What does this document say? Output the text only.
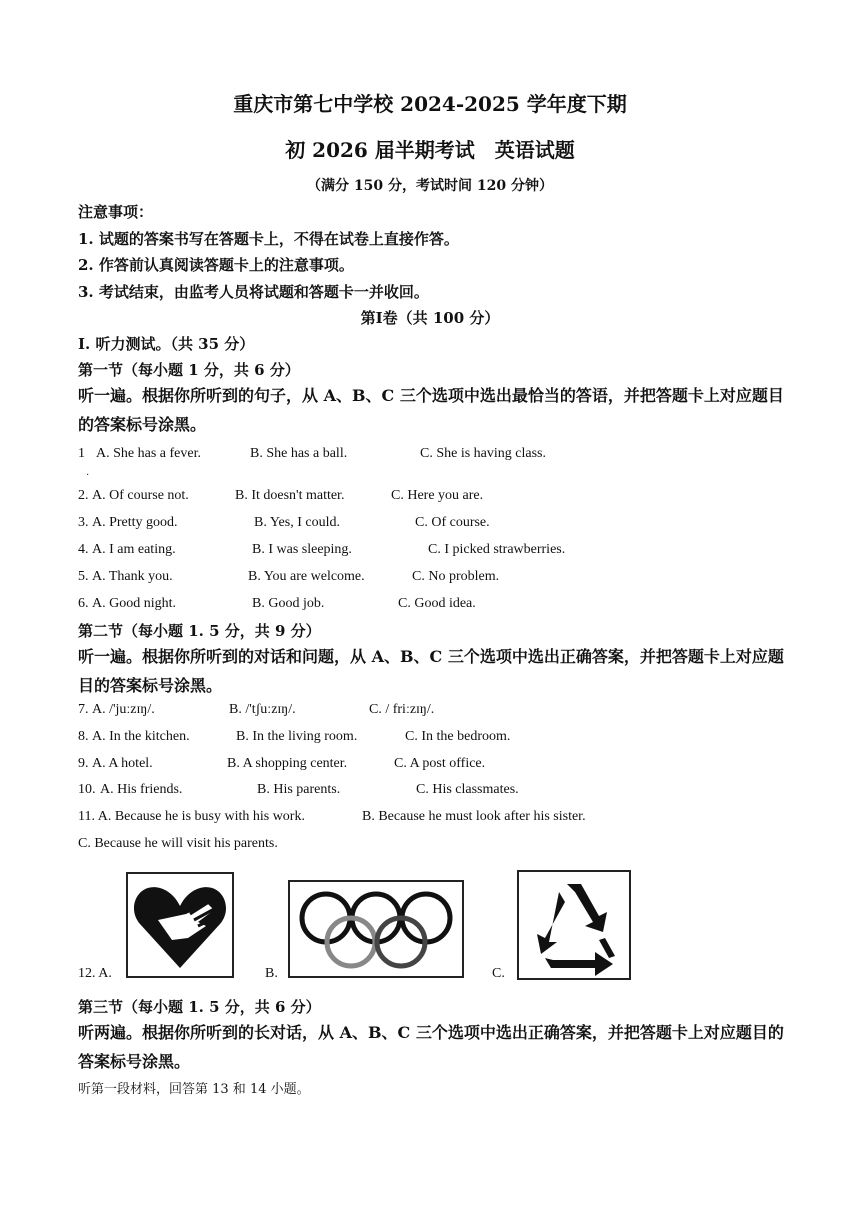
重庆市第七中学校 2024-2025 学年度下期
初 2026 届半期考试　英语试题
（满分 150 分，考试时间 120 分钟）
注意事项：
1. 试题的答案书写在答题卡上，不得在试卷上直接作答。
2. 作答前认真阅读答题卡上的注意事项。
3. 考试结束，由监考人员将试题和答题卡一并收回。
第Ⅰ卷（共 100 分）
Ⅰ. 听力测试。（共 35 分）
第一节（每小题 1 分，共 6 分）
听一遍。根据你所听到的句子，从 A、B、C 三个选项中选出最恰当的答语，并把答题卡上对应题目的答案标号涂黑。
1
·
A. She has a fever.	B. She has a ball.	C. She is having class.
2. A. Of course not.	B. It doesn't matter.	C. Here you are.
3. A. Pretty good.	B. Yes, I could.	C. Of course.
4. A. I am eating.	B. I was sleeping.	C. I picked strawberries.
5. A. Thank you.	B. You are welcome.	C. No problem.
6. A. Good night.	B. Good job.	C. Good idea.
第二节（每小题 1. 5 分，共 9 分）
听一遍。根据你所听到的对话和问题，从 A、B、C 三个选项中选出正确答案，并把答题卡上对应题目的答案标号涂黑。
7. A. /'juːzɪŋ/.	B. /'tʃuːzɪŋ/.	C. / friːzɪŋ/.
8. A. In the kitchen.	B. In the living room.	C. In the bedroom.
9. A. A hotel.	B. A shopping center.	C. A post office.
10. A. His friends.	B. His parents.	C. His classmates.
11. A. Because he is busy with his work.	B. Because he must look after his sister.
C. Because he will visit his parents.
12. A.	B.	C.
第三节（每小题 1. 5 分，共 6 分）
听两遍。根据你所听到的长对话，从 A、B、C 三个选项中选出正确答案，并把答题卡上对应题目的答案标号涂黑。
听第一段材料，回答第 13 和 14 小题。
